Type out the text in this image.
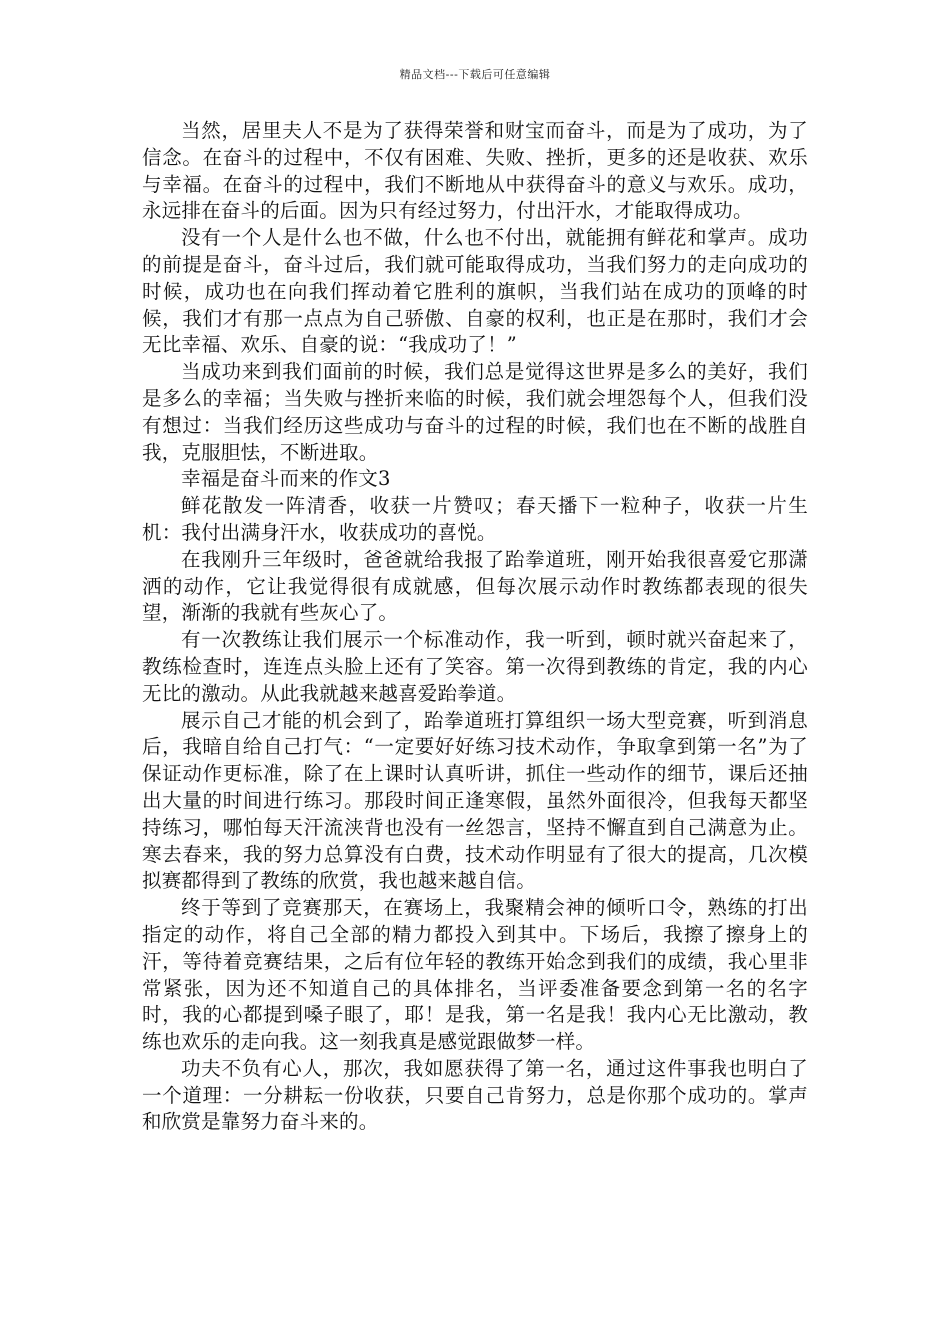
精品文档---下载后可任意编辑

当然，居里夫人不是为了获得荣誉和财宝而奋斗，而是为了成功，为了信念。在奋斗的过程中，不仅有困难、失败、挫折，更多的还是收获、欢乐与幸福。在奋斗的过程中，我们不断地从中获得奋斗的意义与欢乐。成功，永远排在奋斗的后面。因为只有经过努力，付出汗水，才能取得成功。

没有一个人是什么也不做，什么也不付出，就能拥有鲜花和掌声。成功的前提是奋斗，奋斗过后，我们就可能取得成功，当我们努力的走向成功的时候，成功也在向我们挥动着它胜利的旗帜，当我们站在成功的顶峰的时候，我们才有那一点点为自己骄傲、自豪的权利，也正是在那时，我们才会无比幸福、欢乐、自豪的说：“我成功了！”

当成功来到我们面前的时候，我们总是觉得这世界是多么的美好，我们是多么的幸福；当失败与挫折来临的时候，我们就会埋怨每个人，但我们没有想过：当我们经历这些成功与奋斗的过程的时候，我们也在不断的战胜自我，克服胆怯，不断进取。

幸福是奋斗而来的作文3

鲜花散发一阵清香，收获一片赞叹；春天播下一粒种子，收获一片生机：我付出满身汗水，收获成功的喜悦。

在我刚升三年级时，爸爸就给我报了跆拳道班，刚开始我很喜爱它那潇洒的动作，它让我觉得很有成就感，但每次展示动作时教练都表现的很失望，渐渐的我就有些灰心了。

有一次教练让我们展示一个标准动作，我一听到，顿时就兴奋起来了，教练检查时，连连点头脸上还有了笑容。第一次得到教练的肯定，我的内心无比的激动。从此我就越来越喜爱跆拳道。

展示自己才能的机会到了，跆拳道班打算组织一场大型竞赛，听到消息后，我暗自给自己打气：“一定要好好练习技术动作，争取拿到第一名”为了保证动作更标准，除了在上课时认真听讲，抓住一些动作的细节，课后还抽出大量的时间进行练习。那段时间正逢寒假，虽然外面很冷，但我每天都坚持练习，哪怕每天汗流浃背也没有一丝怨言，坚持不懈直到自己满意为止。寒去春来，我的努力总算没有白费，技术动作明显有了很大的提高，几次模拟赛都得到了教练的欣赏，我也越来越自信。

终于等到了竞赛那天，在赛场上，我聚精会神的倾听口令，熟练的打出指定的动作，将自己全部的精力都投入到其中。下场后，我擦了擦身上的汗，等待着竞赛结果，之后有位年轻的教练开始念到我们的成绩，我心里非常紧张，因为还不知道自己的具体排名，当评委准备要念到第一名的名字时，我的心都提到嗓子眼了，耶！是我，第一名是我！我内心无比激动，教练也欢乐的走向我。这一刻我真是感觉跟做梦一样。

功夫不负有心人，那次，我如愿获得了第一名，通过这件事我也明白了一个道理：一分耕耘一份收获，只要自己肯努力，总是你那个成功的。掌声和欣赏是靠努力奋斗来的。
